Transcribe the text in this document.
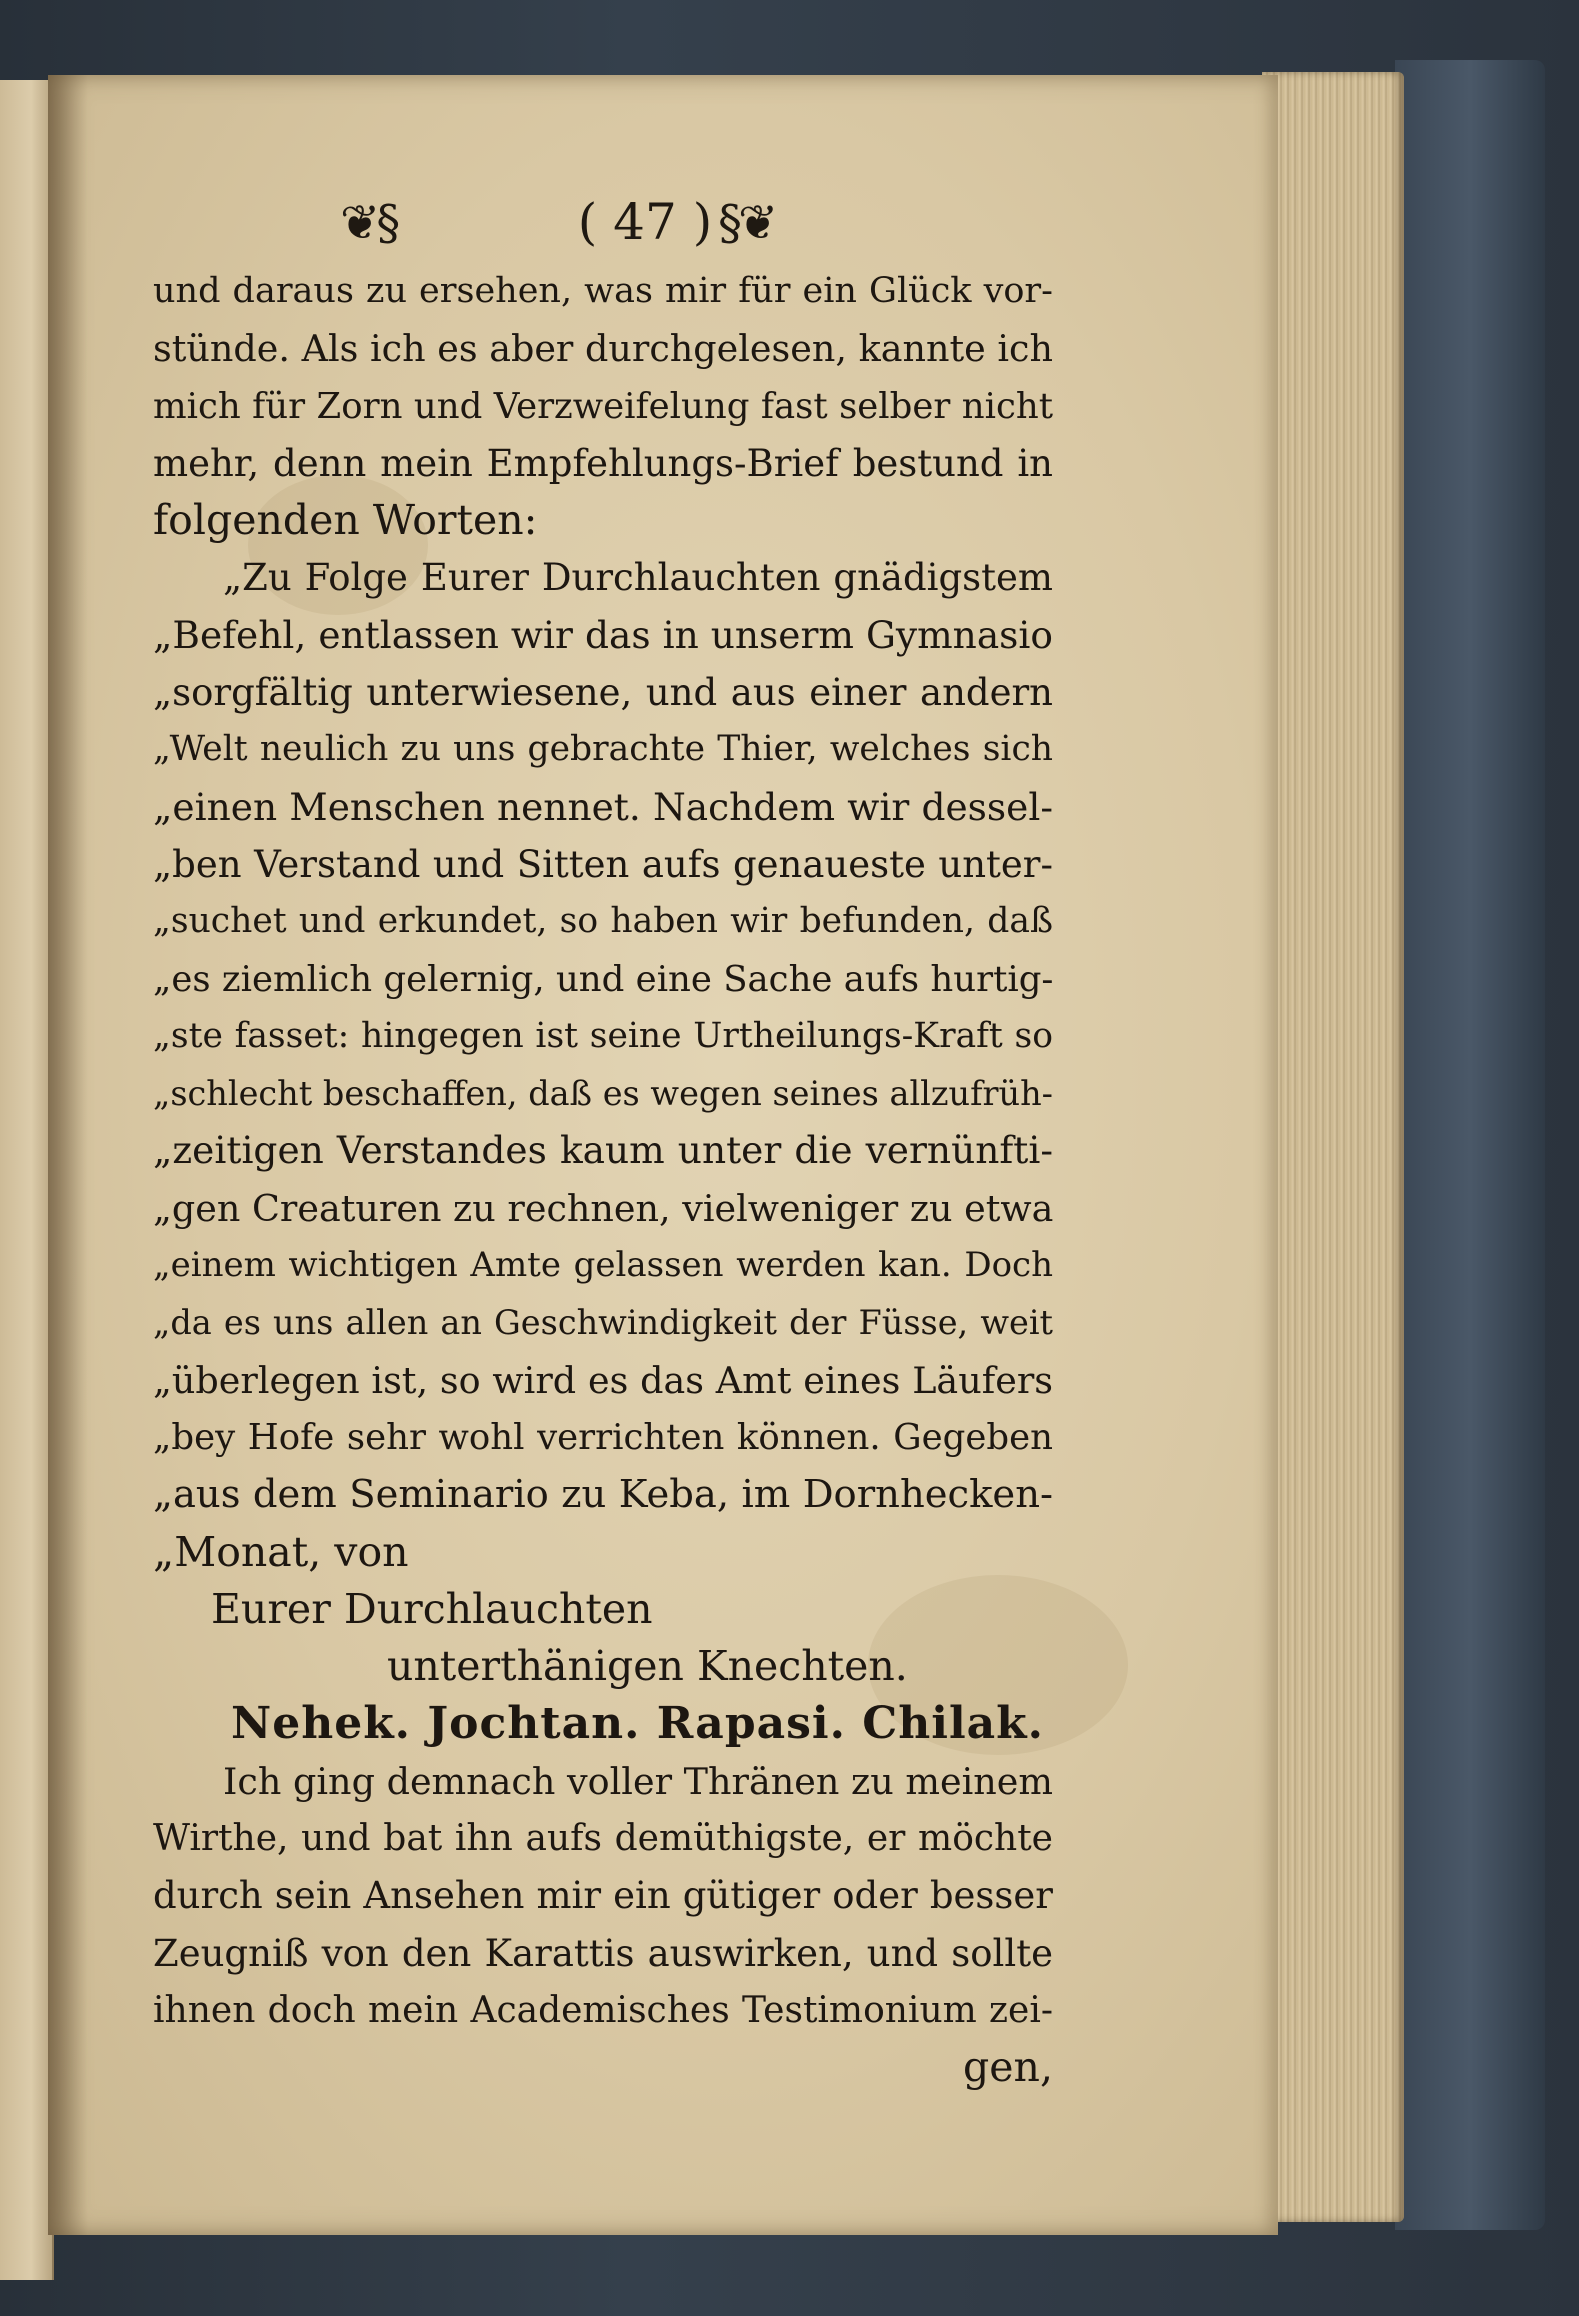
❦§	( 47 ) §❦
und daraus zu ersehen, was mir für ein Glück vor-
stünde. Als ich es aber durchgelesen, kannte ich
mich für Zorn und Verzweifelung fast selber nicht
mehr, denn mein Empfehlungs-Brief bestund in
folgenden Worten:
„Zu Folge Eurer Durchlauchten gnädigstem
„Befehl, entlassen wir das in unserm Gymnasio
„sorgfältig unterwiesene, und aus einer andern
„Welt neulich zu uns gebrachte Thier, welches sich
„einen Menschen nennet. Nachdem wir dessel-
„ben Verstand und Sitten aufs genaueste unter-
„suchet und erkundet, so haben wir befunden, daß
„es ziemlich gelernig, und eine Sache aufs hurtig-
„ste fasset: hingegen ist seine Urtheilungs-Kraft so
„schlecht beschaffen, daß es wegen seines allzufrüh-
„zeitigen Verstandes kaum unter die vernünfti-
„gen Creaturen zu rechnen, vielweniger zu etwa
„einem wichtigen Amte gelassen werden kan. Doch
„da es uns allen an Geschwindigkeit der Füsse, weit
„überlegen ist, so wird es das Amt eines Läufers
„bey Hofe sehr wohl verrichten können. Gegeben
„aus dem Seminario zu Keba, im Dornhecken-
„Monat, von
Eurer Durchlauchten
unterthänigen Knechten.
Nehek. Jochtan. Rapasi. Chilak.
Ich ging demnach voller Thränen zu meinem
Wirthe, und bat ihn aufs demüthigste, er möchte
durch sein Ansehen mir ein gütiger oder besser
Zeugniß von den Karattis auswirken, und sollte
ihnen doch mein Academisches Testimonium zei-
gen,
